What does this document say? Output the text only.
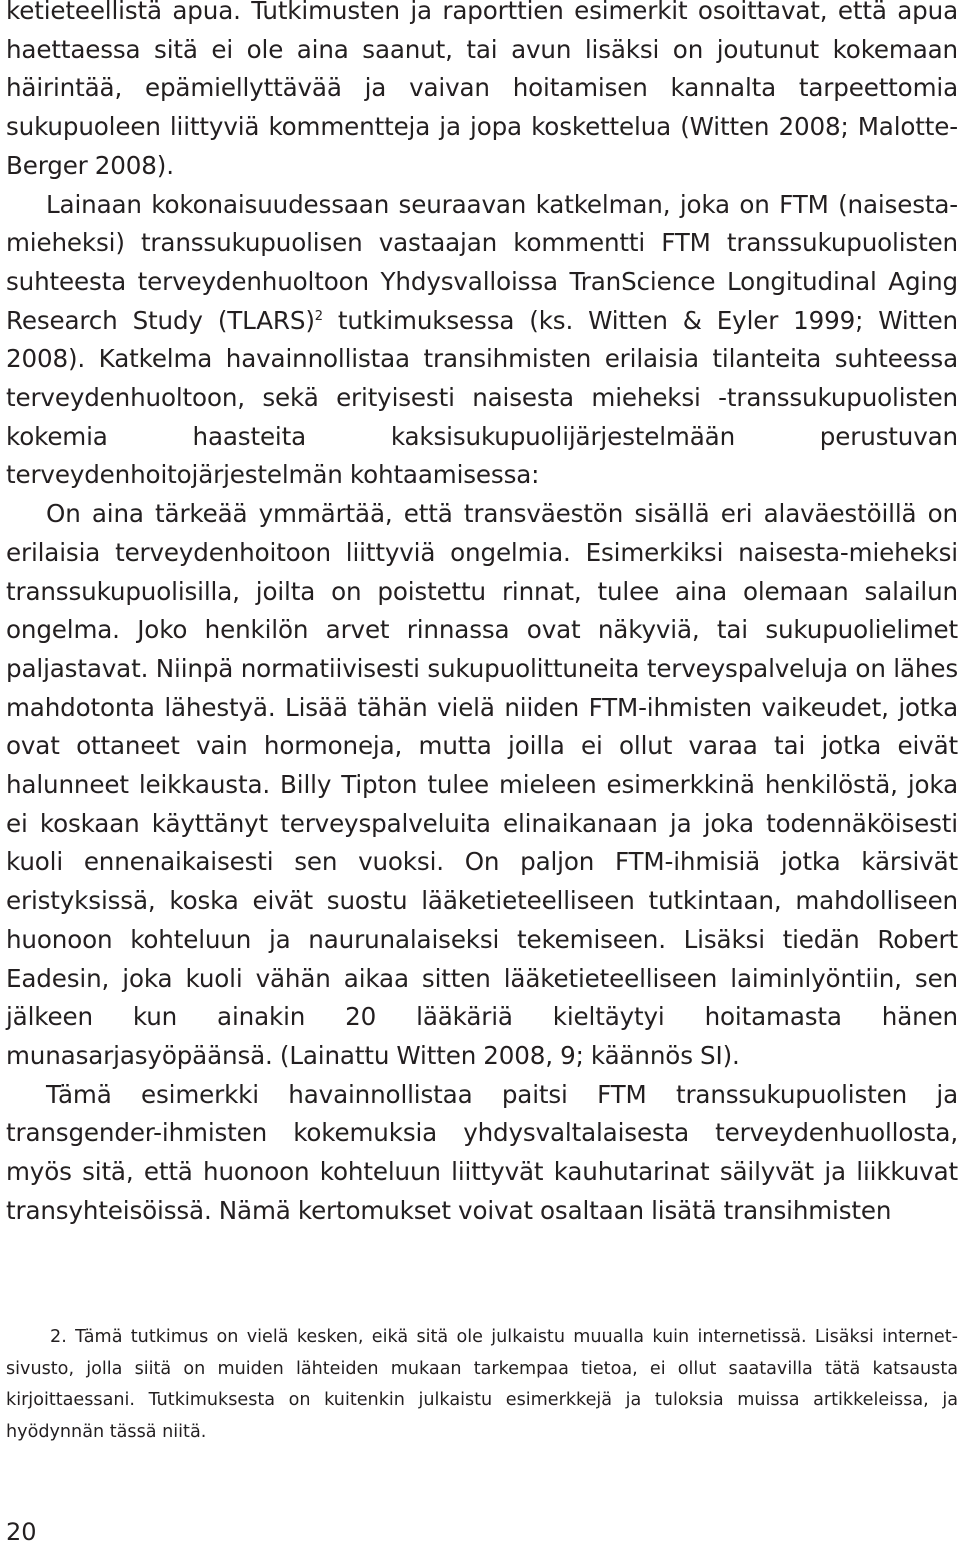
ketieteellistä apua. Tutkimusten ja raporttien esimerkit osoittavat, että apua haettaessa sitä ei ole aina saanut, tai avun lisäksi on joutunut kokemaan häirintää, epämiellyttävää ja vaivan hoitamisen kannalta tarpeettomia sukupuoleen liittyviä kommentteja ja jopa koskettelua (Witten 2008; Malotte-Berger 2008).

Lainaan kokonaisuudessaan seuraavan katkelman, joka on FTM (naisesta-mieheksi) transsukupuolisen vastaajan kommentti FTM transsukupuolisten suhteesta terveydenhuoltoon Yhdysvalloissa TranScience Longitudinal Aging Research Study (TLARS)$^2$ tutkimuksessa (ks. Witten & Eyler 1999; Witten 2008). Katkelma havainnollistaa transihmisten erilaisia tilanteita suhteessa terveydenhuoltoon, sekä erityisesti naisesta mieheksi -transsukupuolisten kokemia haasteita kaksisukupuolijärjestelmään perustuvan terveydenhoitojärjestelmän kohtaamisessa:

On aina tärkeää ymmärtää, että transväestön sisällä eri alaväestöillä on erilaisia terveydenhoitoon liittyviä ongelmia. Esimerkiksi naisesta-mieheksi transsukupuolisilla, joilta on poistettu rinnat, tulee aina olemaan salailun ongelma. Joko henkilön arvet rinnassa ovat näkyviä, tai sukupuolielimet paljastavat. Niinpä normatiivisesti sukupuolittuneita terveyspalveluja on lähes mahdotonta lähestyä. Lisää tähän vielä niiden FTM-ihmisten vaikeudet, jotka ovat ottaneet vain hormoneja, mutta joilla ei ollut varaa tai jotka eivät halunneet leikkausta. Billy Tipton tulee mieleen esimerkkinä henkilöstä, joka ei koskaan käyttänyt terveyspalveluita elinaikanaan ja joka todennäköisesti kuoli ennenaikaisesti sen vuoksi. On paljon FTM-ihmisiä jotka kärsivät eristyksissä, koska eivät suostu lääketieteelliseen tutkintaan, mahdolliseen huonoon kohteluun ja naurunalaiseksi tekemiseen. Lisäksi tiedän Robert Eadesin, joka kuoli vähän aikaa sitten lääketieteelliseen laiminlyöntiin, sen jälkeen kun ainakin 20 lääkäriä kieltäytyi hoitamasta hänen munasarjasyöpäänsä. (Lainattu Witten 2008, 9; käännös SI).

Tämä esimerkki havainnollistaa paitsi FTM transsukupuolisten ja transgender-ihmisten kokemuksia yhdysvaltalaisesta terveydenhuollosta, myös sitä, että huonoon kohteluun liittyvät kauhutarinat säilyvät ja liikkuvat transyhteisöissä. Nämä kertomukset voivat osaltaan lisätä transihmisten

2. Tämä tutkimus on vielä kesken, eikä sitä ole julkaistu muualla kuin internetissä. Lisäksi internet-sivusto, jolla siitä on muiden lähteiden mukaan tarkempaa tietoa, ei ollut saatavilla tätä katsausta kirjoittaessani. Tutkimuksesta on kuitenkin julkaistu esimerkkejä ja tuloksia muissa artikkeleissa, ja hyödynnän tässä niitä.

20
